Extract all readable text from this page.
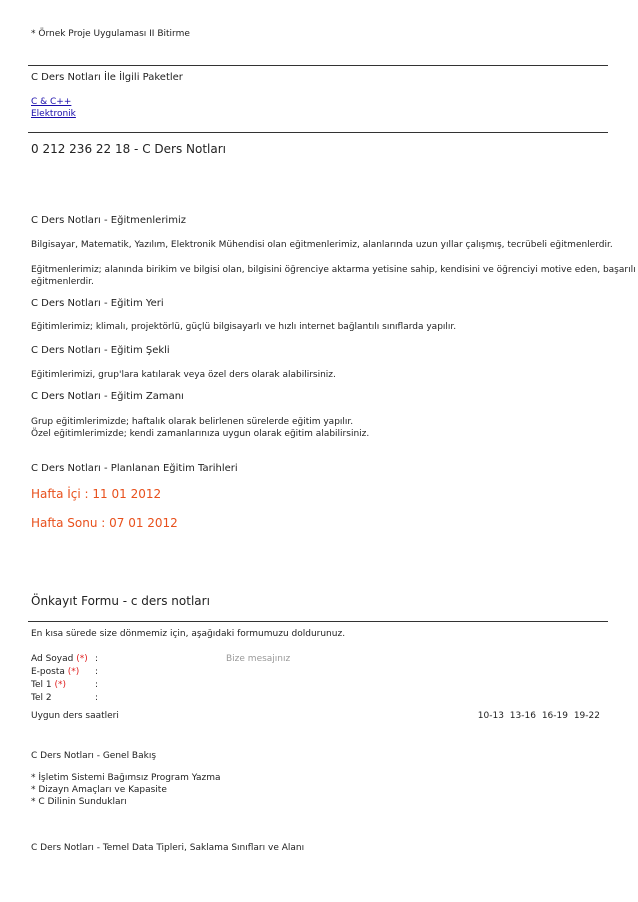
* Örnek Proje Uygulaması II Bitirme
C Ders Notları İle İlgili Paketler
C & C++
Elektronik
0 212 236 22 18 - C Ders Notları
C Ders Notları - Eğitmenlerimiz
Bilgisayar, Matematik, Yazılım, Elektronik Mühendisi olan eğitmenlerimiz, alanlarında uzun yıllar çalışmış, tecrübeli eğitmenlerdir.
Eğitmenlerimiz; alanında birikim ve bilgisi olan, bilgisini öğrenciye aktarma yetisine sahip, kendisini ve öğrenciyi motive eden, başarılı
eğitmenlerdir.
C Ders Notları - Eğitim Yeri
Eğitimlerimiz; klimalı, projektörlü, güçlü bilgisayarlı ve hızlı internet bağlantılı sınıflarda yapılır.
C Ders Notları - Eğitim Şekli
Eğitimlerimizi, grup'lara katılarak veya özel ders olarak alabilirsiniz.
C Ders Notları - Eğitim Zamanı
Grup eğitimlerimizde; haftalık olarak belirlenen sürelerde eğitim yapılır.
Özel eğitimlerimizde; kendi zamanlarınıza uygun olarak eğitim alabilirsiniz.
C Ders Notları - Planlanan Eğitim Tarihleri
Hafta İçi : 11 01 2012
Hafta Sonu : 07 01 2012
Önkayıt Formu - c ders notları
En kısa sürede size dönmemiz için, aşağıdaki formumuzu doldurunuz.
Ad Soyad (*) :	Bize mesajınız
E-posta (*) :
Tel 1 (*)	:
Tel 2	:
Uygun ders saatleri	10-13 13-16 16-19 19-22
C Ders Notları - Genel Bakış
* İşletim Sistemi Bağımsız Program Yazma
* Dizayn Amaçları ve Kapasite
* C Dilinin Sundukları
C Ders Notları - Temel Data Tipleri, Saklama Sınıfları ve Alanı
